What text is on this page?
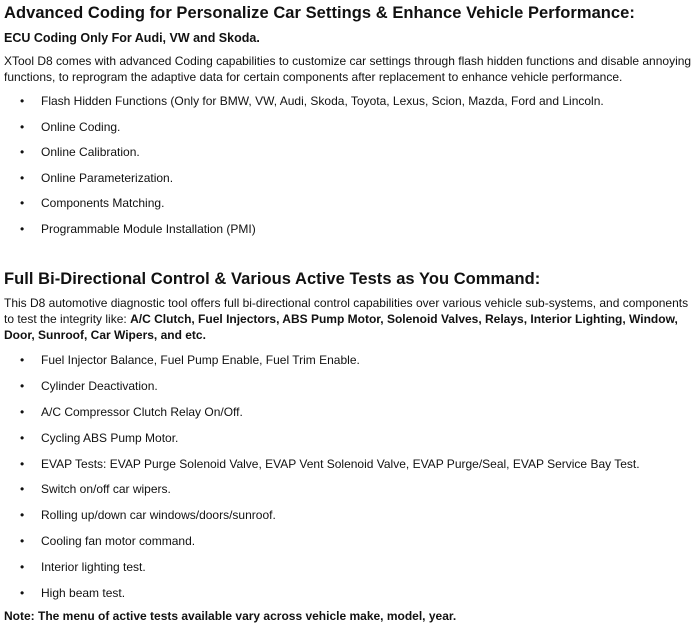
Advanced Coding for Personalize Car Settings & Enhance Vehicle Performance:
ECU Coding Only For Audi, VW and Skoda.
XTool D8 comes with advanced Coding capabilities to customize car settings through flash hidden functions and disable annoying functions, to reprogram the adaptive data for certain components after replacement to enhance vehicle performance.
• Flash Hidden Functions (Only for BMW, VW, Audi, Skoda, Toyota, Lexus, Scion, Mazda, Ford and Lincoln.
• Online Coding.
• Online Calibration.
• Online Parameterization.
• Components Matching.
• Programmable Module Installation (PMI)
Full Bi-Directional Control & Various Active Tests as You Command:
This D8 automotive diagnostic tool offers full bi-directional control capabilities over various vehicle sub-systems, and components to test the integrity like: A/C Clutch, Fuel Injectors, ABS Pump Motor, Solenoid Valves, Relays, Interior Lighting, Window, Door, Sunroof, Car Wipers, and etc.
• Fuel Injector Balance, Fuel Pump Enable, Fuel Trim Enable.
• Cylinder Deactivation.
• A/C Compressor Clutch Relay On/Off.
• Cycling ABS Pump Motor.
• EVAP Tests: EVAP Purge Solenoid Valve, EVAP Vent Solenoid Valve, EVAP Purge/Seal, EVAP Service Bay Test.
• Switch on/off car wipers.
• Rolling up/down car windows/doors/sunroof.
• Cooling fan motor command.
• Interior lighting test.
• High beam test.
Note: The menu of active tests available vary across vehicle make, model, year.
